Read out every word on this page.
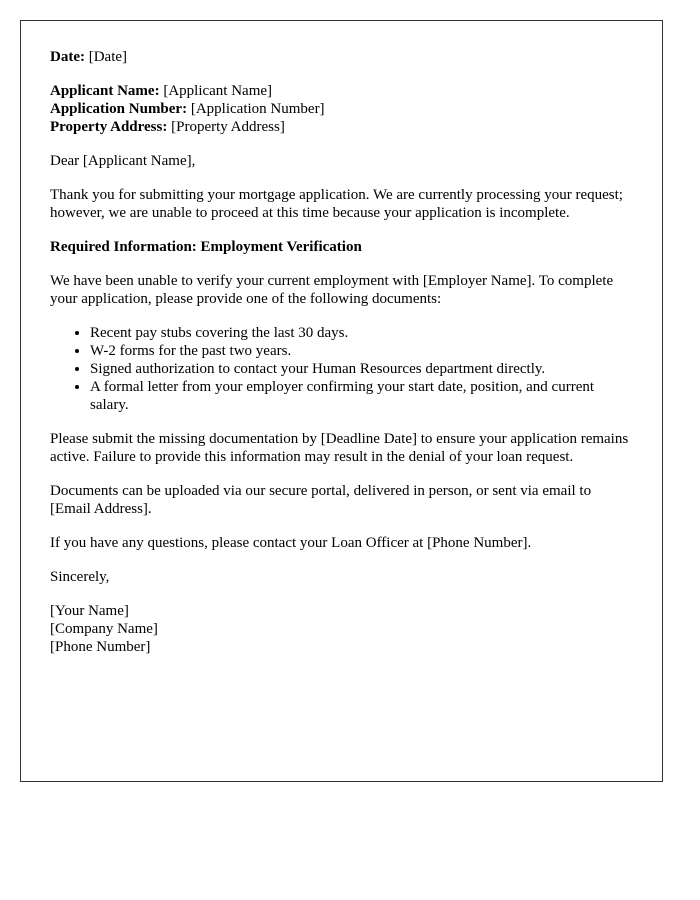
Date: [Date]

Applicant Name: [Applicant Name]
Application Number: [Application Number]
Property Address: [Property Address]

Dear [Applicant Name],

Thank you for submitting your mortgage application. We are currently processing your request; however, we are unable to proceed at this time because your application is incomplete.

Required Information: Employment Verification

We have been unable to verify your current employment with [Employer Name]. To complete your application, please provide one of the following documents:

• Recent pay stubs covering the last 30 days.
• W-2 forms for the past two years.
• Signed authorization to contact your Human Resources department directly.
• A formal letter from your employer confirming your start date, position, and current salary.

Please submit the missing documentation by [Deadline Date] to ensure your application remains active. Failure to provide this information may result in the denial of your loan request.

Documents can be uploaded via our secure portal, delivered in person, or sent via email to [Email Address].

If you have any questions, please contact your Loan Officer at [Phone Number].

Sincerely,

[Your Name]
[Company Name]
[Phone Number]
